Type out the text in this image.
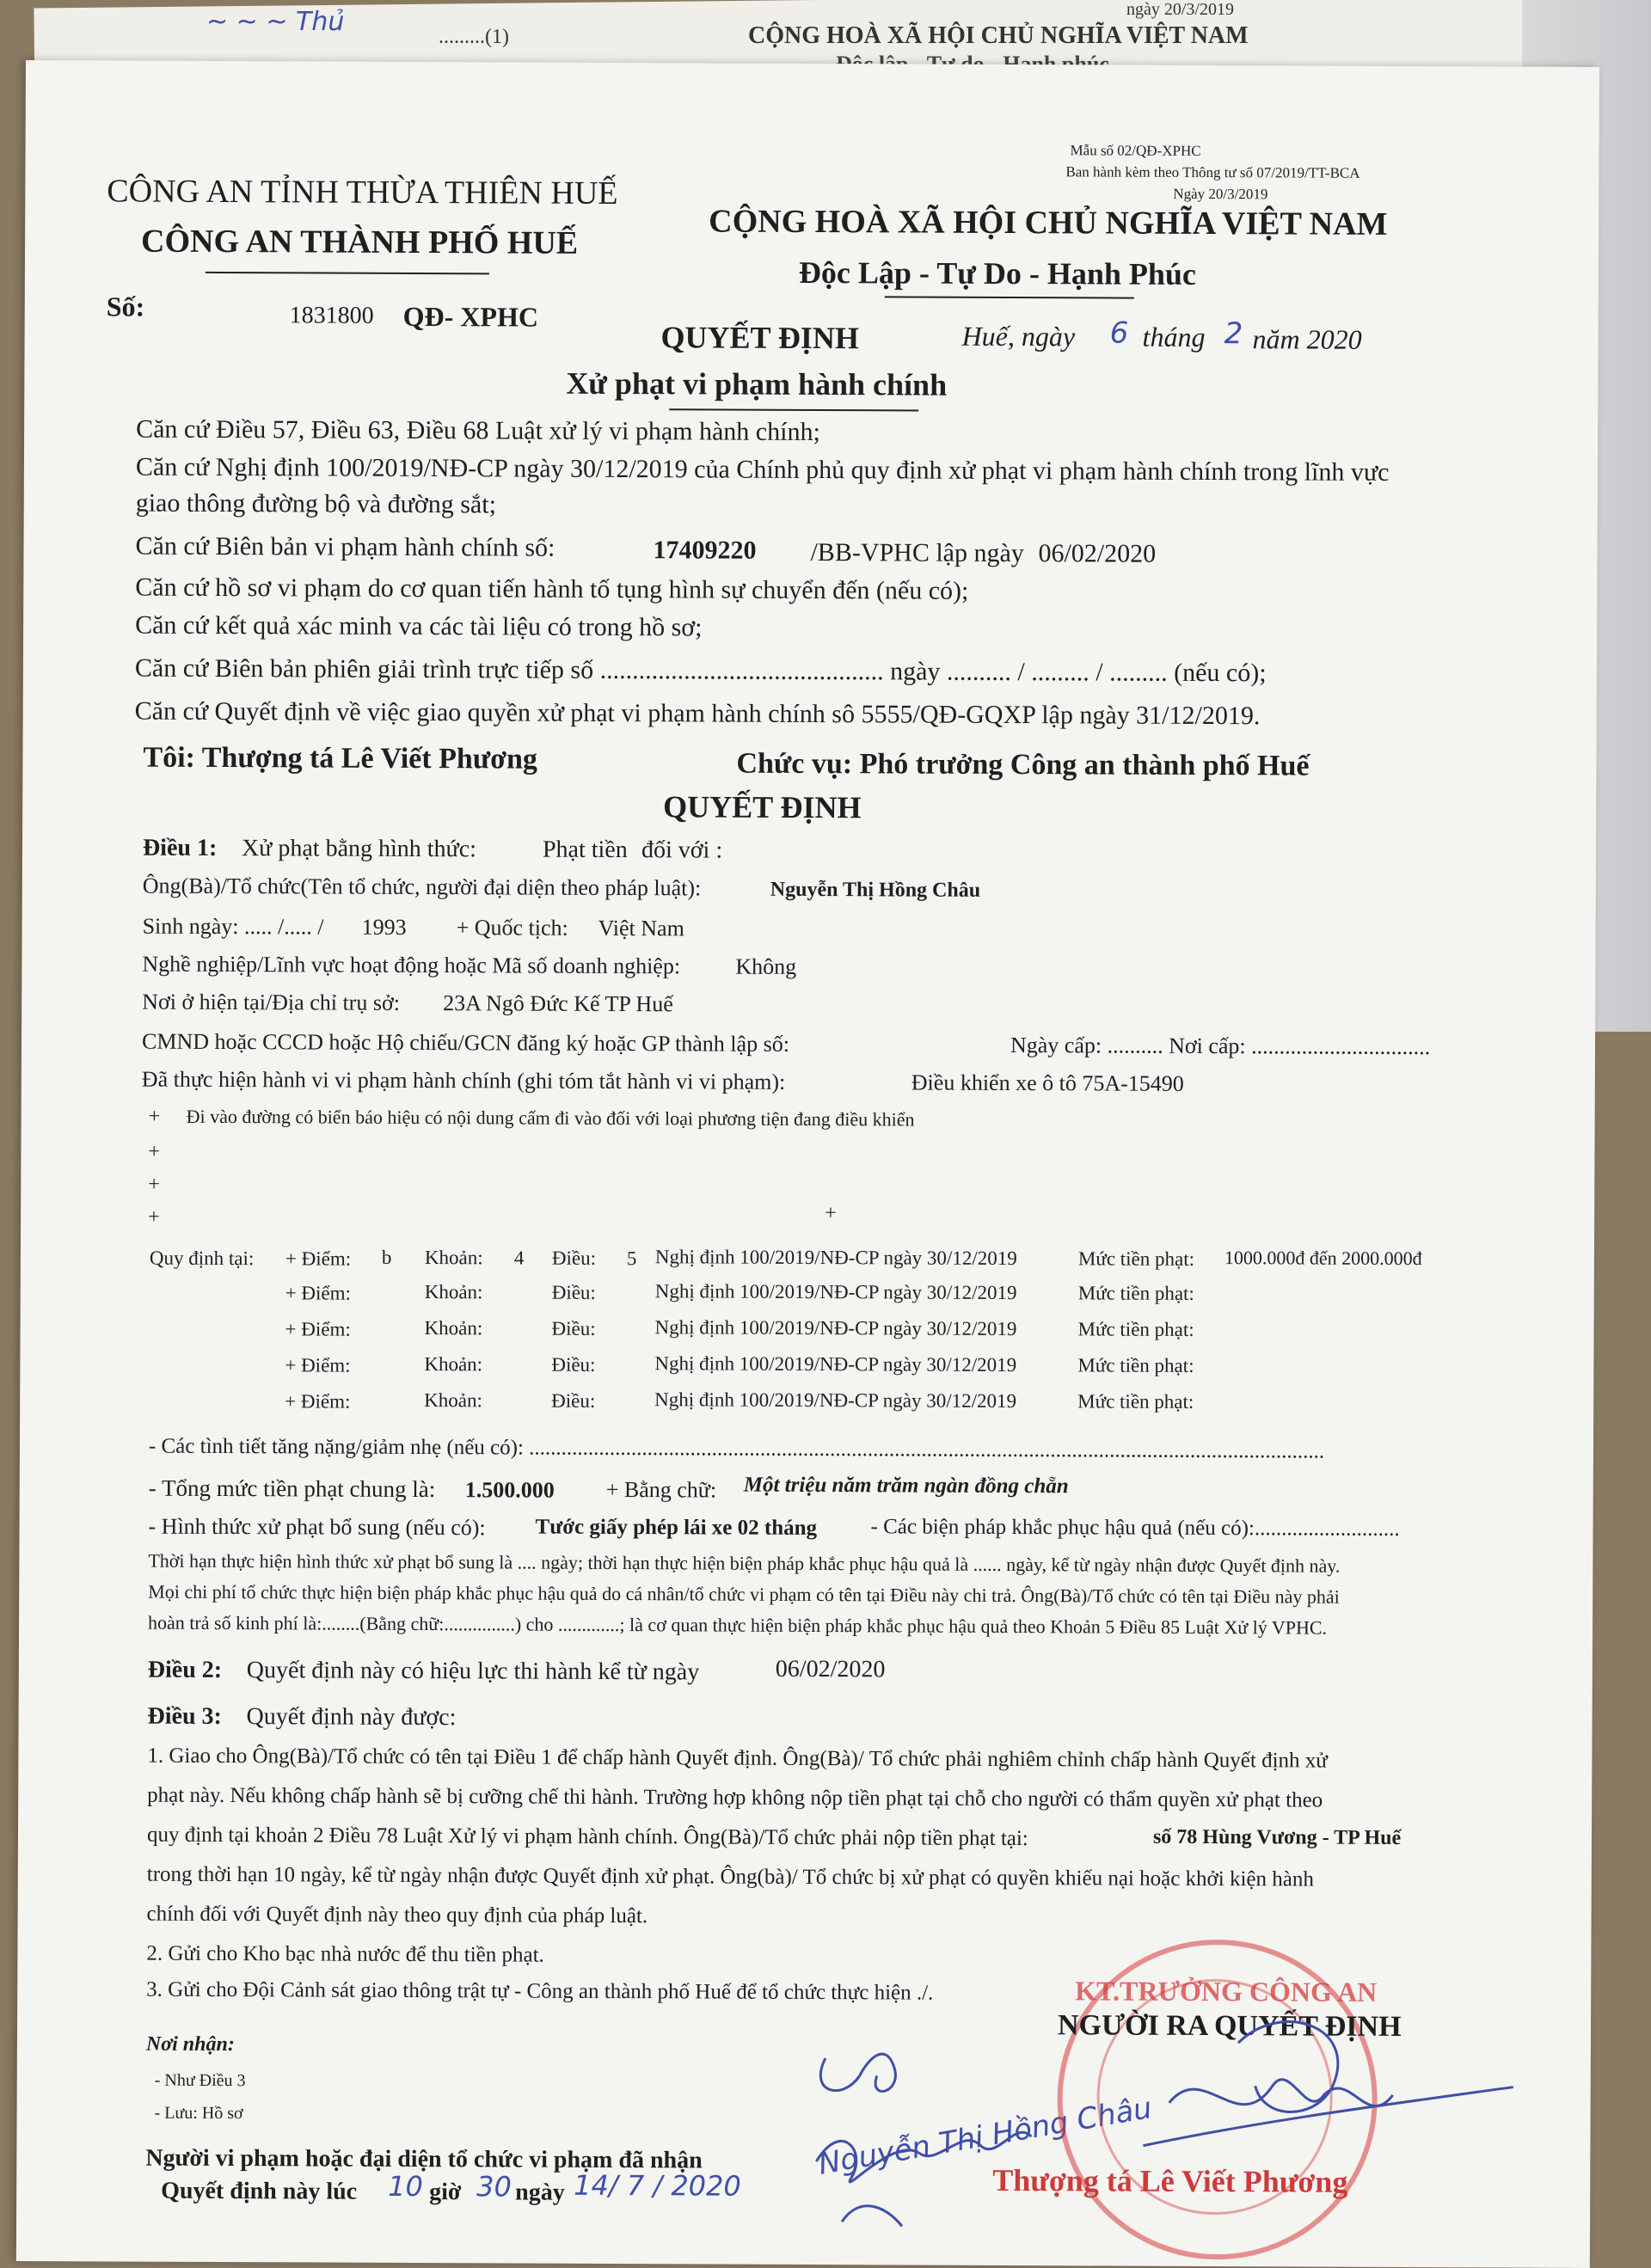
~ ~ ~ Thủ	.........(1)
ngày 20/3/2019
CỘNG HOÀ XÃ HỘI CHỦ NGHĨA VIỆT NAM
Mẫu số 02/QĐ-XPHC
Ban hành kèm theo Thông tư số 07/2019/TT-BCA
Ngày 20/3/2019
CÔNG AN TỈNH THỪA THIÊN HUẾ
CÔNG AN THÀNH PHỐ HUẾ
Số:	1831800 QĐ- XPHC
CỘNG HOÀ XÃ HỘI CHỦ NGHĨA VIỆT NAM
Độc Lập - Tự Do - Hạnh Phúc
Huế, ngày 6 tháng 2 năm 2020
QUYẾT ĐỊNH
Xử phạt vi phạm hành chính
Căn cứ Điều 57, Điều 63, Điều 68 Luật xử lý vi phạm hành chính;
Căn cứ Nghị định 100/2019/NĐ-CP ngày 30/12/2019 của Chính phủ quy định xử phạt vi phạm hành chính trong lĩnh vực
giao thông đường bộ và đường sắt;
Căn cứ Biên bản vi phạm hành chính số:	17409220 /BB-VPHC lập ngày 06/02/2020
Căn cứ hồ sơ vi phạm do cơ quan tiến hành tố tụng hình sự chuyển đến (nếu có);
Căn cứ kết quả xác minh va các tài liệu có trong hồ sơ;
Căn cứ Biên bản phiên giải trình trực tiếp số ............................................ ngày .......... / ......... / ......... (nếu có);
Căn cứ Quyết định về việc giao quyền xử phạt vi phạm hành chính sô 5555/QĐ-GQXP lập ngày 31/12/2019.
Tôi: Thượng tá Lê Viết Phương	Chức vụ: Phó trưởng Công an thành phố Huế
QUYẾT ĐỊNH
Điều 1: Xử phạt bằng hình thức:	Phạt tiền đối với :
Ông(Bà)/Tổ chức(Tên tổ chức, người đại diện theo pháp luật):	Nguyễn Thị Hồng Châu
Sinh ngày: ..... /..... / 1993 + Quốc tịch: Việt Nam
Nghề nghiệp/Lĩnh vực hoạt động hoặc Mã số doanh nghiệp: Không
Nơi ở hiện tại/Địa chỉ trụ sở: 23A Ngô Đức Kế TP Huế
CMND hoặc CCCD hoặc Hộ chiếu/GCN đăng ký hoặc GP thành lập số:	Ngày cấp: .......... Nơi cấp: ................................
Đã thực hiện hành vi vi phạm hành chính (ghi tóm tắt hành vi vi phạm):	Điều khiển xe ô tô 75A-15490
+ Đi vào đường có biển báo hiệu có nội dung cấm đi vào đối với loại phương tiện đang điều khiển
+
+
+	+
Quy định tại: + Điểm: b Khoản: 4 Điều: 5 Nghị định 100/2019/NĐ-CP ngày 30/12/2019	Mức tiền phạt: 1000.000đ đến 2000.000đ
+ Điểm:	Khoản:	Điều:	Nghị định 100/2019/NĐ-CP ngày 30/12/2019	Mức tiền phạt:
+ Điểm:	Khoản:	Điều:	Nghị định 100/2019/NĐ-CP ngày 30/12/2019	Mức tiền phạt:
+ Điểm:	Khoản:	Điều:	Nghị định 100/2019/NĐ-CP ngày 30/12/2019	Mức tiền phạt:
+ Điểm:	Khoản:	Điều:	Nghị định 100/2019/NĐ-CP ngày 30/12/2019	Mức tiền phạt:
- Các tình tiết tăng nặng/giảm nhẹ (nếu có): ....................................................................................................................................................
- Tổng mức tiền phạt chung là: 1.500.000 + Bằng chữ: Một triệu năm trăm ngàn đồng chẵn
- Hình thức xử phạt bổ sung (nếu có): Tước giấy phép lái xe 02 tháng - Các biện pháp khắc phục hậu quả (nếu có):...........................
Thời hạn thực hiện hình thức xử phạt bổ sung là .... ngày; thời hạn thực hiện biện pháp khắc phục hậu quả là ...... ngày, kể từ ngày nhận được Quyết định này.
Mọi chi phí tổ chức thực hiện biện pháp khắc phục hậu quả do cá nhân/tổ chức vi phạm có tên tại Điều này chi trả. Ông(Bà)/Tổ chức có tên tại Điều này phải
hoàn trả số kinh phí là:........(Bằng chữ:...............) cho .............; là cơ quan thực hiện biện pháp khắc phục hậu quả theo Khoản 5 Điều 85 Luật Xử lý VPHC.
Điều 2: Quyết định này có hiệu lực thi hành kể từ ngày	06/02/2020
Điều 3: Quyết định này được:
1. Giao cho Ông(Bà)/Tổ chức có tên tại Điều 1 để chấp hành Quyết định. Ông(Bà)/ Tổ chức phải nghiêm chỉnh chấp hành Quyết định xử
phạt này. Nếu không chấp hành sẽ bị cưỡng chế thi hành. Trường hợp không nộp tiền phạt tại chỗ cho người có thẩm quyền xử phạt theo
quy định tại khoản 2 Điều 78 Luật Xử lý vi phạm hành chính. Ông(Bà)/Tổ chức phải nộp tiền phạt tại:	số 78 Hùng Vương - TP Huế
trong thời hạn 10 ngày, kể từ ngày nhận được Quyết định xử phạt. Ông(bà)/ Tổ chức bị xử phạt có quyền khiếu nại hoặc khởi kiện hành
chính đối với Quyết định này theo quy định của pháp luật.
2. Gửi cho Kho bạc nhà nước để thu tiền phạt.
3. Gửi cho Đội Cảnh sát giao thông trật tự - Công an thành phố Huế để tổ chức thực hiện ./.
Nơi nhận:
- Như Điều 3
- Lưu: Hồ sơ
Người vi phạm hoặc đại diện tổ chức vi phạm đã nhận
Quyết định này lúc 10 giờ 30 ngày 14/ 7 / 2020
Nguyễn Thị Hồng Châu
KT.TRƯỞNG CÔNG AN
NGƯỜI RA QUYẾT ĐỊNH
Thượng tá Lê Viết Phương
